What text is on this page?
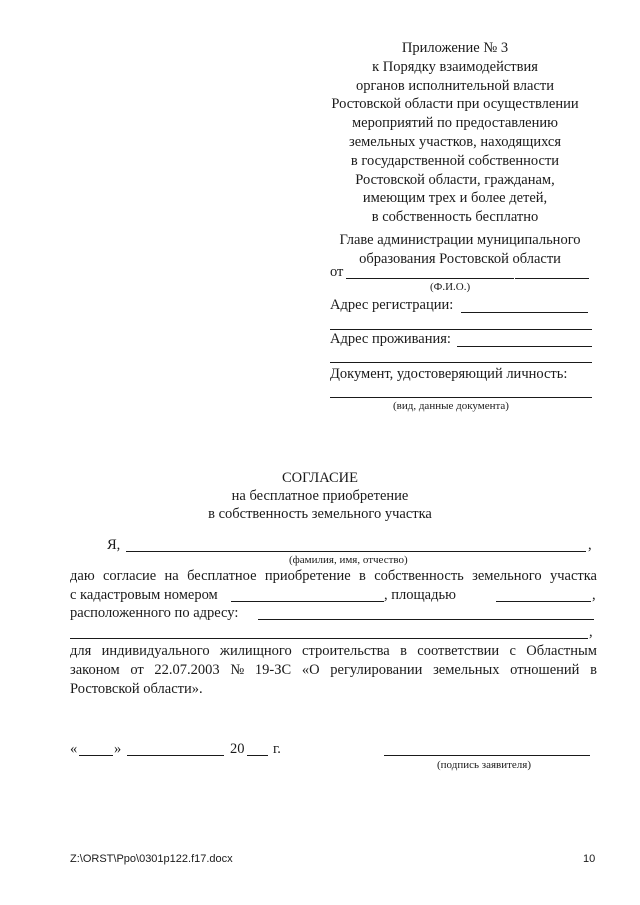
Приложение № 3
к Порядку взаимодействия
органов исполнительной власти
Ростовской области при осуществлении
мероприятий по предоставлению
земельных участков, находящихся
в государственной собственности
Ростовской области, гражданам,
имеющим трех и более детей,
в собственность бесплатно
Главе администрации муниципального
образования Ростовской области
от
(Ф.И.О.)
Адрес регистрации:
Адрес проживания:
Документ, удостоверяющий личность:
(вид, данные документа)
СОГЛАСИЕ
на бесплатное приобретение
в собственность земельного участка
Я,	,
(фамилия, имя, отчество)
даю согласие на бесплатное приобретение в собственность земельного участка
с кадастровым номером	, площадью	,
расположенного по адресу:
,
для индивидуального жилищного строительства в соответствии с Областным
законом от 22.07.2003 № 19-ЗС «О регулировании земельных отношений в
Ростовской области».
«	»	20 г.
(подпись заявителя)
Z:\ORST\Ppo\0301p122.f17.docx	10
